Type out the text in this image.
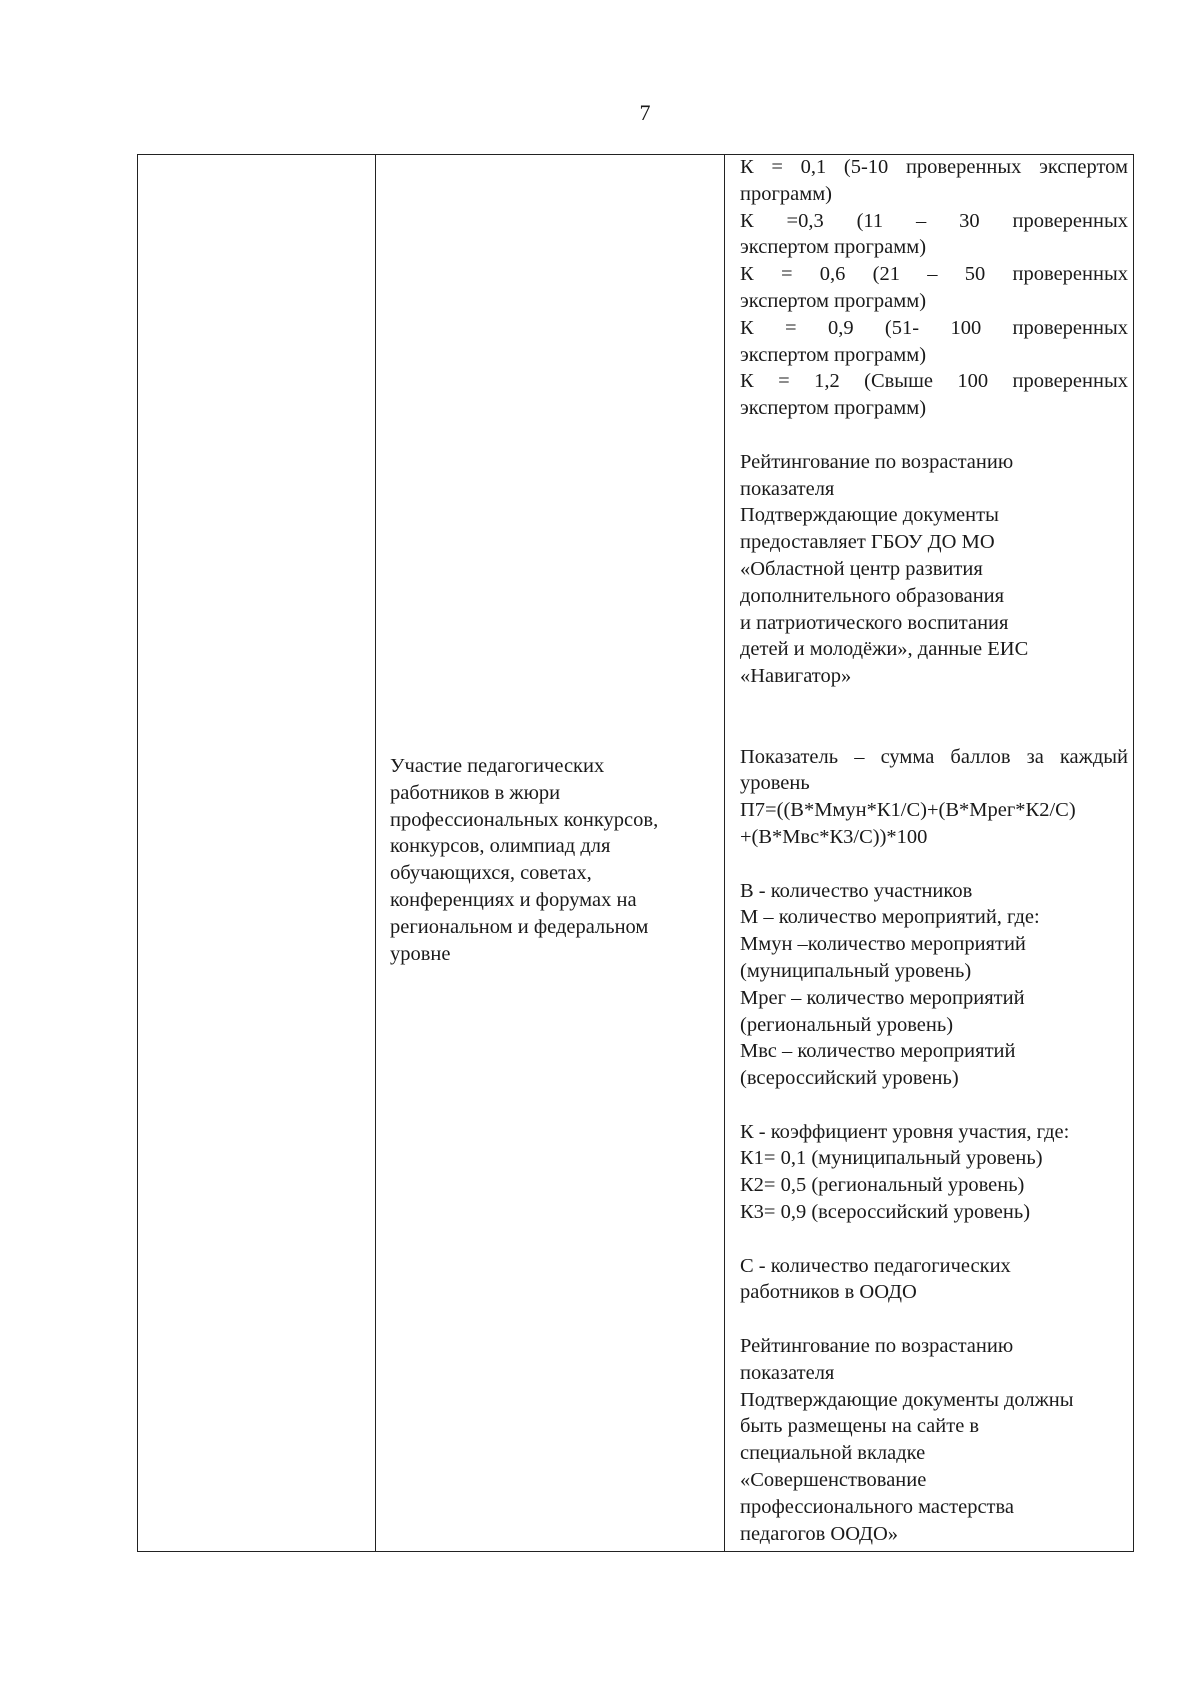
7
Участие педагогических
работников в жюри
профессиональных конкурсов,
конкурсов, олимпиад для
обучающихся, советах,
конференциях и форумах на
региональном и федеральном
уровне
К = 0,1 (5-10 проверенных экспертом
программ)
К =0,3 (11 – 30 проверенных
экспертом программ)
К = 0,6 (21 – 50 проверенных
экспертом программ)
К = 0,9 (51- 100 проверенных
экспертом программ)
К = 1,2 (Свыше 100 проверенных
экспертом программ)
Рейтингование по возрастанию
показателя
Подтверждающие документы
предоставляет ГБОУ ДО МО
«Областной центр развития
дополнительного образования
и патриотического воспитания
детей и молодёжи», данные ЕИС
«Навигатор»
Показатель – сумма баллов за каждый
уровень
П7=((В*Ммун*К1/С)+(В*Мрег*К2/С)
+(В*Мвс*К3/С))*100
В - количество участников
М – количество мероприятий, где:
Ммун –количество мероприятий
(муниципальный уровень)
Мрег – количество мероприятий
(региональный уровень)
Мвс – количество мероприятий
(всероссийский уровень)
К - коэффициент уровня участия, где:
К1= 0,1 (муниципальный уровень)
К2= 0,5 (региональный уровень)
К3= 0,9 (всероссийский уровень)
С - количество педагогических
работников в ООДО
Рейтингование по возрастанию
показателя
Подтверждающие документы должны
быть размещены на сайте в
специальной вкладке
«Совершенствование
профессионального мастерства
педагогов ООДО»
